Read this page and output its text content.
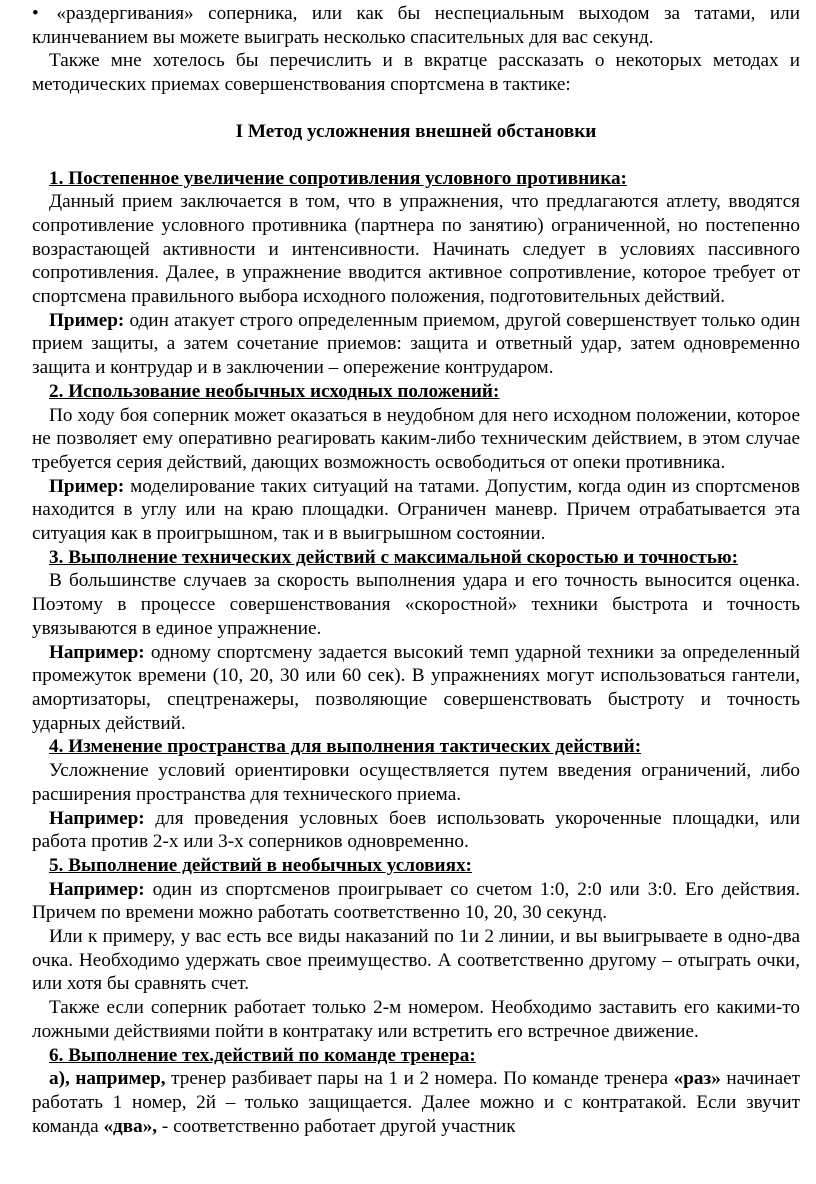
• «раздергивания» соперника, или как бы неспециальным выходом за татами, или клинчеванием вы можете выиграть несколько спасительных для вас секунд.

Также мне хотелось бы перечислить и в вкратце рассказать о некоторых методах и методических приемах совершенствования спортсмена в тактике:

I Метод усложнения внешней обстановки

1. Постепенное увеличение сопротивления условного противника:

Данный прием заключается в том, что в упражнения, что предлагаются атлету, вводятся сопротивление условного противника (партнера по занятию) ограниченной, но постепенно возрастающей активности и интенсивности. Начинать следует в условиях пассивного сопротивления. Далее, в упражнение вводится активное сопротивление, которое требует от спортсмена правильного выбора исходного положения, подготовительных действий.

Пример: один атакует строго определенным приемом, другой совершенствует только один прием защиты, а затем сочетание приемов: защита и ответный удар, затем одновременно защита и контрудар и в заключении – опережение контрударом.

2. Использование необычных исходных положений:

По ходу боя соперник может оказаться в неудобном для него исходном положении, которое не позволяет ему оперативно реагировать каким-либо техническим действием, в этом случае требуется серия действий, дающих возможность освободиться от опеки противника.

Пример: моделирование таких ситуаций на татами. Допустим, когда один из спортсменов находится в углу или на краю площадки. Ограничен маневр. Причем отрабатывается эта ситуация как в проигрышном, так и в выигрышном состоянии.

3. Выполнение технических действий с максимальной скоростью и точностью:

В большинстве случаев за скорость выполнения удара и его точность выносится оценка. Поэтому в процессе совершенствования «скоростной» техники быстрота и точность увязываются в единое упражнение.

Например: одному спортсмену задается высокий темп ударной техники за определенный промежуток времени (10, 20, 30 или 60 сек). В упражнениях могут использоваться гантели, амортизаторы, спецтренажеры, позволяющие совершенствовать быстроту и точность ударных действий.

4. Изменение пространства для выполнения тактических действий:

Усложнение условий ориентировки осуществляется путем введения ограничений, либо расширения пространства для технического приема.

Например: для проведения условных боев использовать укороченные площадки, или работа против 2-х или 3-х соперников одновременно.

5. Выполнение действий в необычных условиях:

Например: один из спортсменов проигрывает со счетом 1:0, 2:0 или 3:0. Его действия. Причем по времени можно работать соответственно 10, 20, 30 секунд.

Или к примеру, у вас есть все виды наказаний по 1и 2 линии, и вы выигрываете в одно-два очка. Необходимо удержать свое преимущество. А соответственно другому – отыграть очки, или хотя бы сравнять счет.

Также если соперник работает только 2-м номером. Необходимо заставить его какими-то ложными действиями пойти в контратаку или встретить его встречное движение.

6. Выполнение тех.действий по команде тренера:

а), например, тренер разбивает пары на 1 и 2 номера. По команде тренера «раз» начинает работать 1 номер, 2й – только защищается. Далее можно и с контратакой. Если звучит команда «два», - соответственно работает другой участник
